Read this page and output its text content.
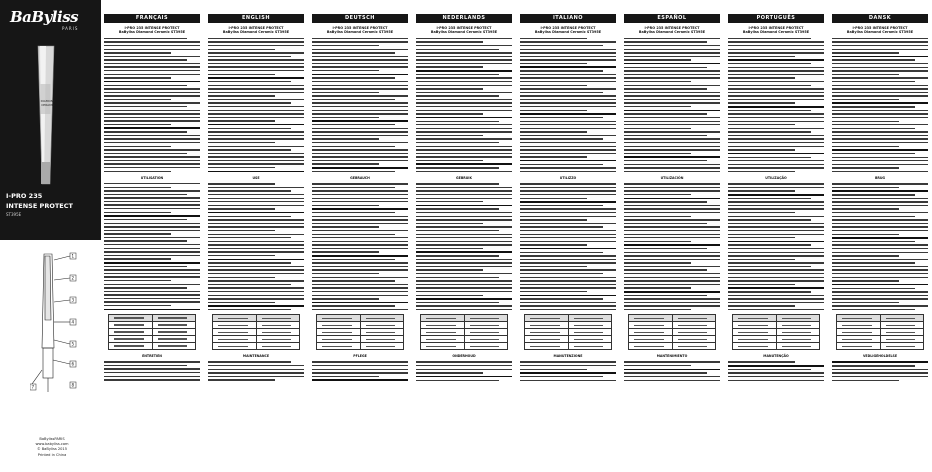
BaByliss
PARIS
DIAMOND
CERAMIC
I-PRO 235
INTENSE PROTECT
ST395E
1
2
3
4
5
6
7	8
BaBylissPARIS
www.babyliss.com
© BaByliss 2015
Printed in China
FRANÇAIS
I-PRO 235 INTENSE PROTECT
BaByliss Diamond Ceramic ST395E
UTILISATION
ENTRETIEN
ENGLISH
I-PRO 235 INTENSE PROTECT
BaByliss Diamond Ceramic ST395E
USE
MAINTENANCE
DEUTSCH
I-PRO 235 INTENSE PROTECT
BaByliss Diamond Ceramic ST395E
GEBRAUCH
PFLEGE
NEDERLANDS
I-PRO 235 INTENSE PROTECT
BaByliss Diamond Ceramic ST395E
GEBRUIK
ONDERHOUD
ITALIANO
I-PRO 235 INTENSE PROTECT
BaByliss Diamond Ceramic ST395E
UTILIZZO
MANUTENZIONE
ESPAÑOL
I-PRO 235 INTENSE PROTECT
BaByliss Diamond Ceramic ST395E
UTILIZACIÓN
MANTENIMIENTO
PORTUGUÊS
I-PRO 235 INTENSE PROTECT
BaByliss Diamond Ceramic ST395E
UTILIZAÇÃO
MANUTENÇÃO
DANSK
I-PRO 235 INTENSE PROTECT
BaByliss Diamond Ceramic ST395E
BRUG
VEDLIGEHOLDELSE
